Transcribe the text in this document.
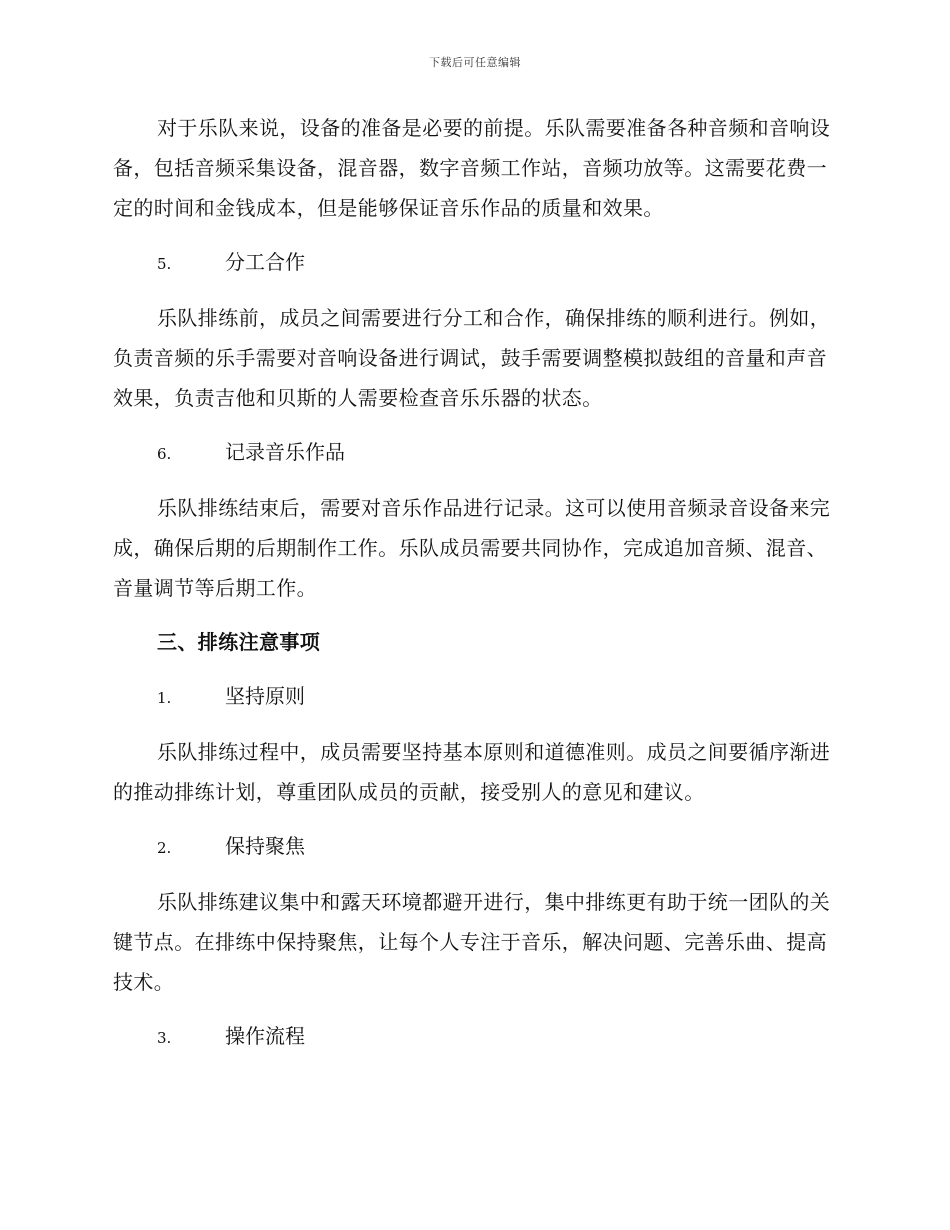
下载后可任意编辑

对于乐队来说，设备的准备是必要的前提。乐队需要准备各种音频和音响设备，包括音频采集设备，混音器，数字音频工作站，音频功放等。这需要花费一定的时间和金钱成本，但是能够保证音乐作品的质量和效果。

5.	分工合作

乐队排练前，成员之间需要进行分工和合作，确保排练的顺利进行。例如，负责音频的乐手需要对音响设备进行调试，鼓手需要调整模拟鼓组的音量和声音效果，负责吉他和贝斯的人需要检查音乐乐器的状态。

6.	记录音乐作品

乐队排练结束后，需要对音乐作品进行记录。这可以使用音频录音设备来完成，确保后期的后期制作工作。乐队成员需要共同协作，完成追加音频、混音、音量调节等后期工作。

三、排练注意事项
1.	坚持原则

乐队排练过程中，成员需要坚持基本原则和道德准则。成员之间要循序渐进的推动排练计划，尊重团队成员的贡献，接受别人的意见和建议。

2.	保持聚焦

乐队排练建议集中和露天环境都避开进行，集中排练更有助于统一团队的关键节点。在排练中保持聚焦，让每个人专注于音乐，解决问题、完善乐曲、提高技术。

3.	操作流程
